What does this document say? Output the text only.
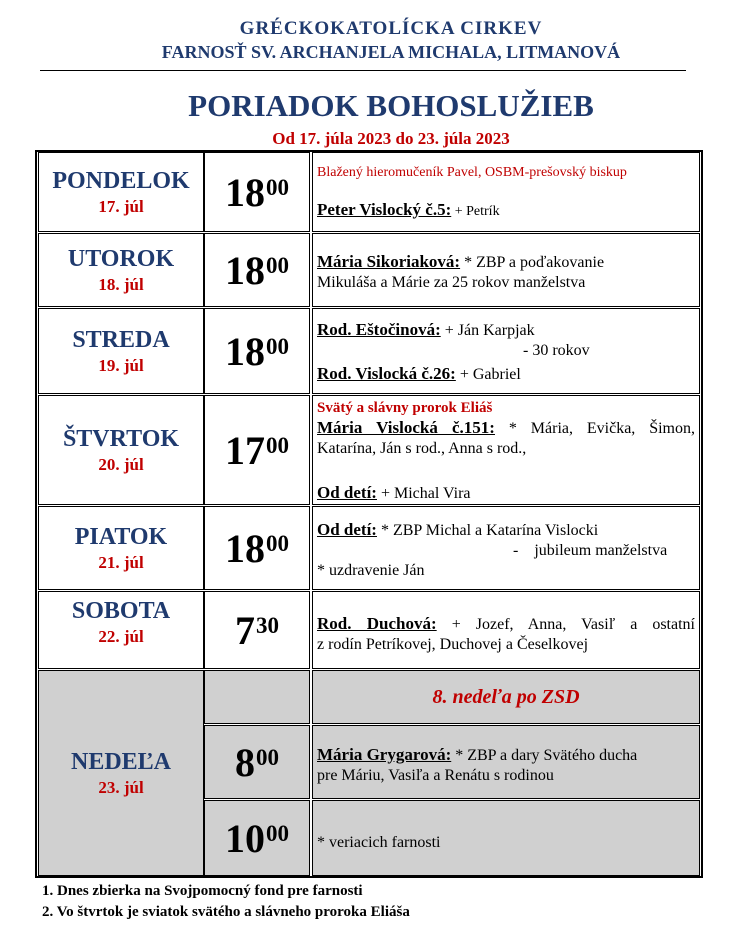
GRÉCKOKATOLÍCKA CIRKEV
FARNOSŤ SV. ARCHANJELA MICHALA, LITMANOVÁ
PORIADOK BOHOSLUŽIEB
Od 17. júla 2023 do 23. júla 2023
PONDELOK
17. júl $18^{00}$

Blažený hieromučeník Pavel, OSBM-prešovský biskup

Peter Vislocký č.5: + Petrík

UTOROK
18. júl $18^{00}$ Mária Sikoriaková: * ZBP a poďakovanie

Mikuláša a Márie za 25 rokov manželstva

STREDA
19. júl $18^{00}$

Rod. Eštočinová: + Ján Karpjak

- 30 rokov

Rod. Vislocká č.26: + Gabriel

ŠTVRTOK
20. júl $17^{00}$

Svätý a slávny prorok Eliáš

Mária Vislocká č.151: * Mária, Evička, Šimon,

Katarína, Ján s rod., Anna s rod.,

Od detí: + Michal Vira

PIATOK
21. júl $18^{00}$

Od detí: * ZBP Michal a Katarína Vislocki

-    jubileum manželstva

* uzdravenie Ján

SOBOTA
22. júl $7^{30}$ Rod. Duchová: + Jozef, Anna, Vasiľ a ostatní

z rodín Petríkovej, Duchovej a Česelkovej

NEDEĽA
23. júl
8. nedeľa po ZSD
$8^{00}$ Mária Grygarová: * ZBP a dary Svätého ducha

pre Máriu, Vasiľa a Renátu s rodinou

$10^{00}$ * veriacich farnosti

1. Dnes zbierka na Svojpomocný fond pre farnosti
2. Vo štvrtok je sviatok svätého a slávneho proroka Eliáša
